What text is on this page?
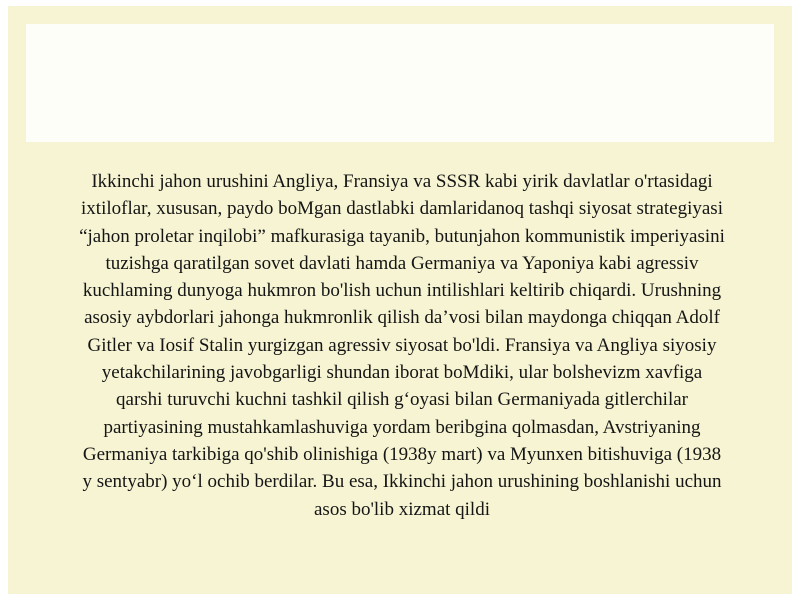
Ikkinchi jahon urushini Angliya, Fransiya va SSSR kabi yirik davlatlar o'rtasidagi ixtiloflar, xususan, paydo boMgan dastlabki damlaridanoq tashqi siyosat strategiyasi “jahon proletar inqilobi” mafkurasiga tayanib, butunjahon kommunistik imperiyasini tuzishga qaratilgan sovet davlati hamda Germaniya va Yaponiya kabi agressiv kuchlaming dunyoga hukmron bo'lish uchun intilishlari keltirib chiqardi. Urushning asosiy aybdorlari jahonga hukmronlik qilish da’vosi bilan maydonga chiqqan Adolf Gitler va Iosif Stalin yurgizgan agressiv siyosat bo'ldi. Fransiya va Angliya siyosiy yetakchilarining javobgarligi shundan iborat boMdiki, ular bolshevizm xavfiga qarshi turuvchi kuchni tashkil qilish g‘oyasi bilan Germaniyada gitlerchilar partiyasining mustahkamlashuviga yordam beribgina qolmasdan, Avstriyaning Germaniya tarkibiga qo'shib olinishiga (1938y mart) va Myunxen bitishuviga (1938 y sentyabr) yo‘l ochib berdilar. Bu esa, Ikkinchi jahon urushining boshlanishi uchun asos bo'lib xizmat qildi
